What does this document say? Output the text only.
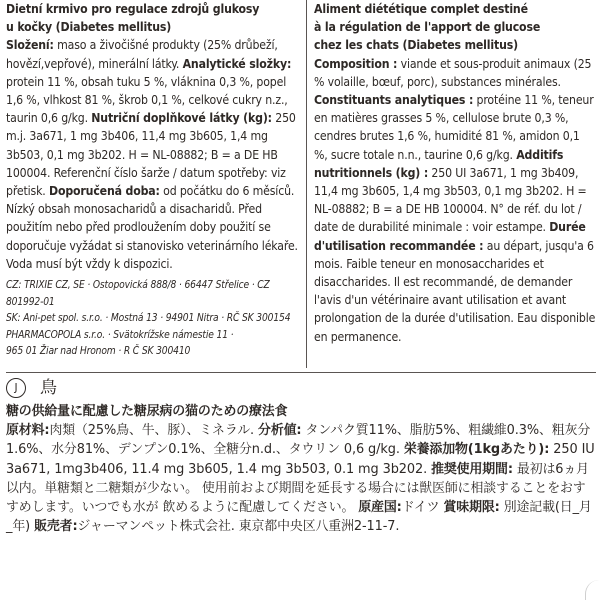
Dietní krmivo pro regulace zdrojů glukosy
u kočky (Diabetes mellitus)

Složení: maso a živočišné produkty (25% drůbeží, hovězí,vepřové), minerální látky. Analytické složky: protein 11 %, obsah tuku 5 %, vláknina 0,3 %, popel 1,6 %, vlhkost 81 %, škrob 0,1 %, celkové cukry n.z., taurin 0,6 g/kg. Nutriční doplňkové látky (kg): 250 m.j. 3a671, 1 mg 3b406, 11,4 mg 3b605, 1,4 mg 3b503, 0,1 mg 3b202. H = NL-08882; B = a DE HB 100004. Referenční číslo šarže / datum spotřeby: viz přetisk. Doporučená doba: od počátku do 6 měsíců. Nízký obsah monosacharidů a disacharidů. Před použitím nebo před prodloužením doby použití se doporučuje vyžádat si stanovisko veterinárního lékaře. Voda musí být vždy k dispozici.

CZ: TRIXIE CZ, SE · Ostopovická 888/8 · 66447 Střelice · CZ 801992-01
SK: Ani-pet spol. s.r.o. · Mostná 13 · 94901 Nitra · RČ SK 300154
PHARMACOPOLA s.r.o. · Svätokrížske námestie 11 ·
965 01 Žiar nad Hronom · R Č SK 300410

Aliment diététique complet destiné
à la régulation de l'apport de glucose
chez les chats (Diabetes mellitus)

Composition : viande et sous-produit animaux (25 % volaille, bœuf, porc), substances minérales. Constituants analytiques : protéine 11 %, teneur en matières grasses 5 %, cellulose brute 0,3 %, cendres brutes 1,6 %, humidité 81 %, amidon 0,1 %, sucre totale n.n., taurine 0,6 g/kg. Additifs nutritionnels (kg) : 250 UI 3a671, 1 mg 3b409, 11,4 mg 3b605, 1,4 mg 3b503, 0,1 mg 3b202. H = NL-08882; B = a DE HB 100004. N° de réf. du lot / date de durabilité minimale : voir estampe. Durée d'utilisation recommandée : au départ, jusqu'a 6 mois. Faible teneur en monosaccharides et disaccharides. Il est recommandé, de demander l'avis d'un vétérinaire avant utilisation et avant prolongation de la durée d'utilisation. Eau disponible en permanence.

J	鳥

糖の供給量に配慮した糖尿病の猫のための療法食

原材料:肉類（25%鳥、牛、豚）、ミネラル. 分析値: タンパク質11%、脂肪5%、粗繊維0.3%、粗灰分1.6%、水分81%、デンプン0.1%、全糖分n.d.、タウリン 0,6 g/kg. 栄養添加物(1kgあたり): 250 IU 3a671, 1mg3b406, 11.4 mg 3b605, 1.4 mg 3b503, 0.1 mg 3b202. 推奨使用期間: 最初は6ヵ月以内。単糖類と二糖類が少ない。 使用前および期間を延長する場合には獣医師に相談することをおすすめします。いつでも水が 飲めるように配慮してください。 原産国:ドイツ 賞味期限: 別途記載(日_月_年) 販売者:ジャーマンペット株式会社. 東京都中央区八重洲2-11-7.
